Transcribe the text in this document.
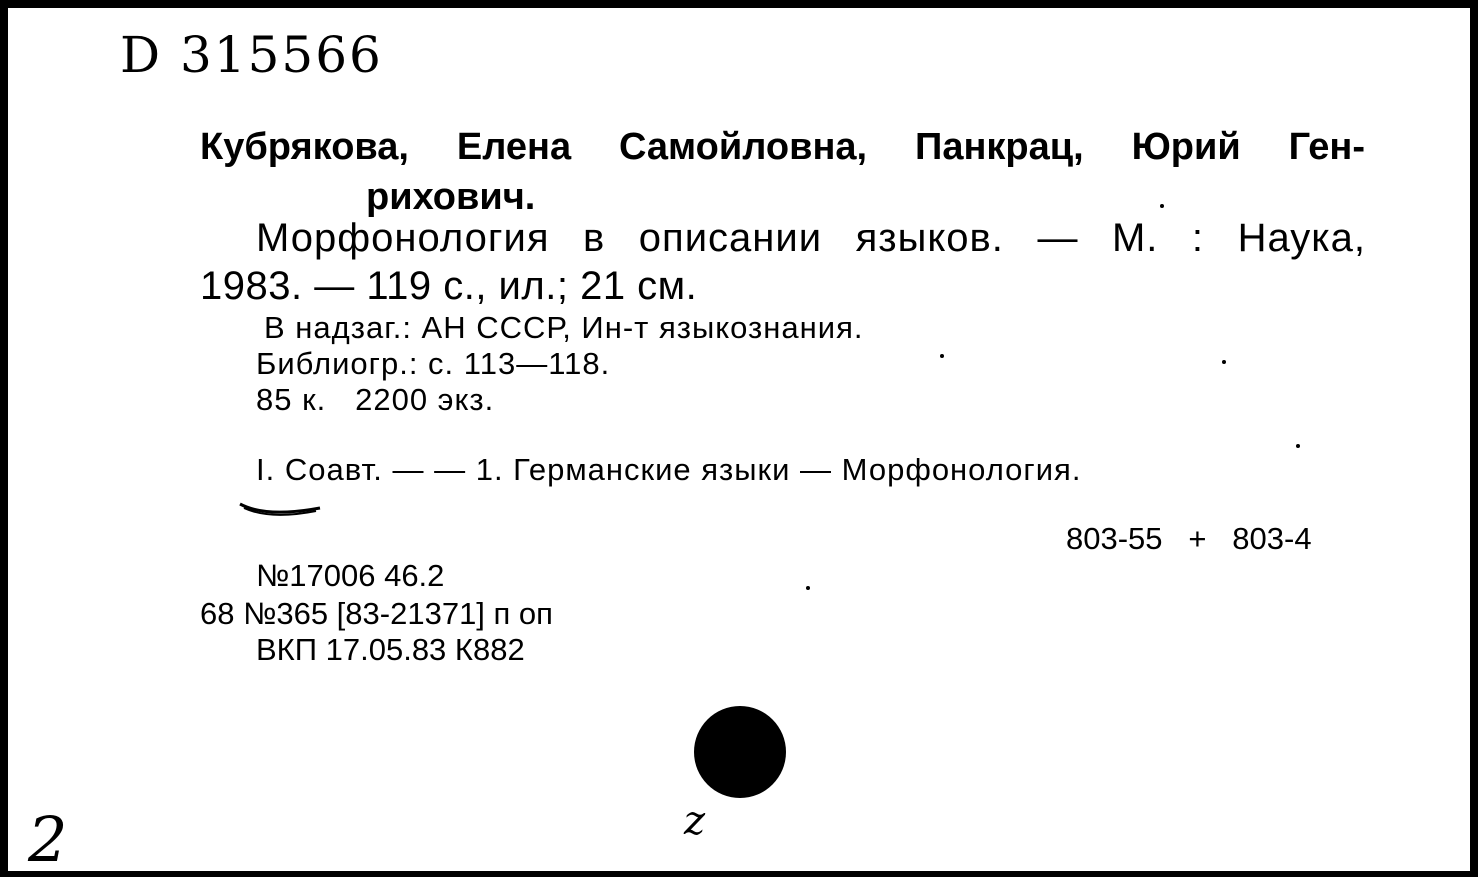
D 315566
Кубрякова, Елена Самойловна, Панкрац, Юрий Ген-
рихович.
Морфонология в описании языков. — М. : Наука,
1983. — 119 с., ил.; 21 см.
В надзаг.: АН СССР, Ин-т языкознания.
Библиогр.: с. 113—118.
85 к.   2200 экз.
I. Соавт. — — 1. Германские языки — Морфонология.
803-55   +   803-4
№17006 46.2
68 №365 [83-21371] п оп
ВКП 17.05.83 К882
2	z
